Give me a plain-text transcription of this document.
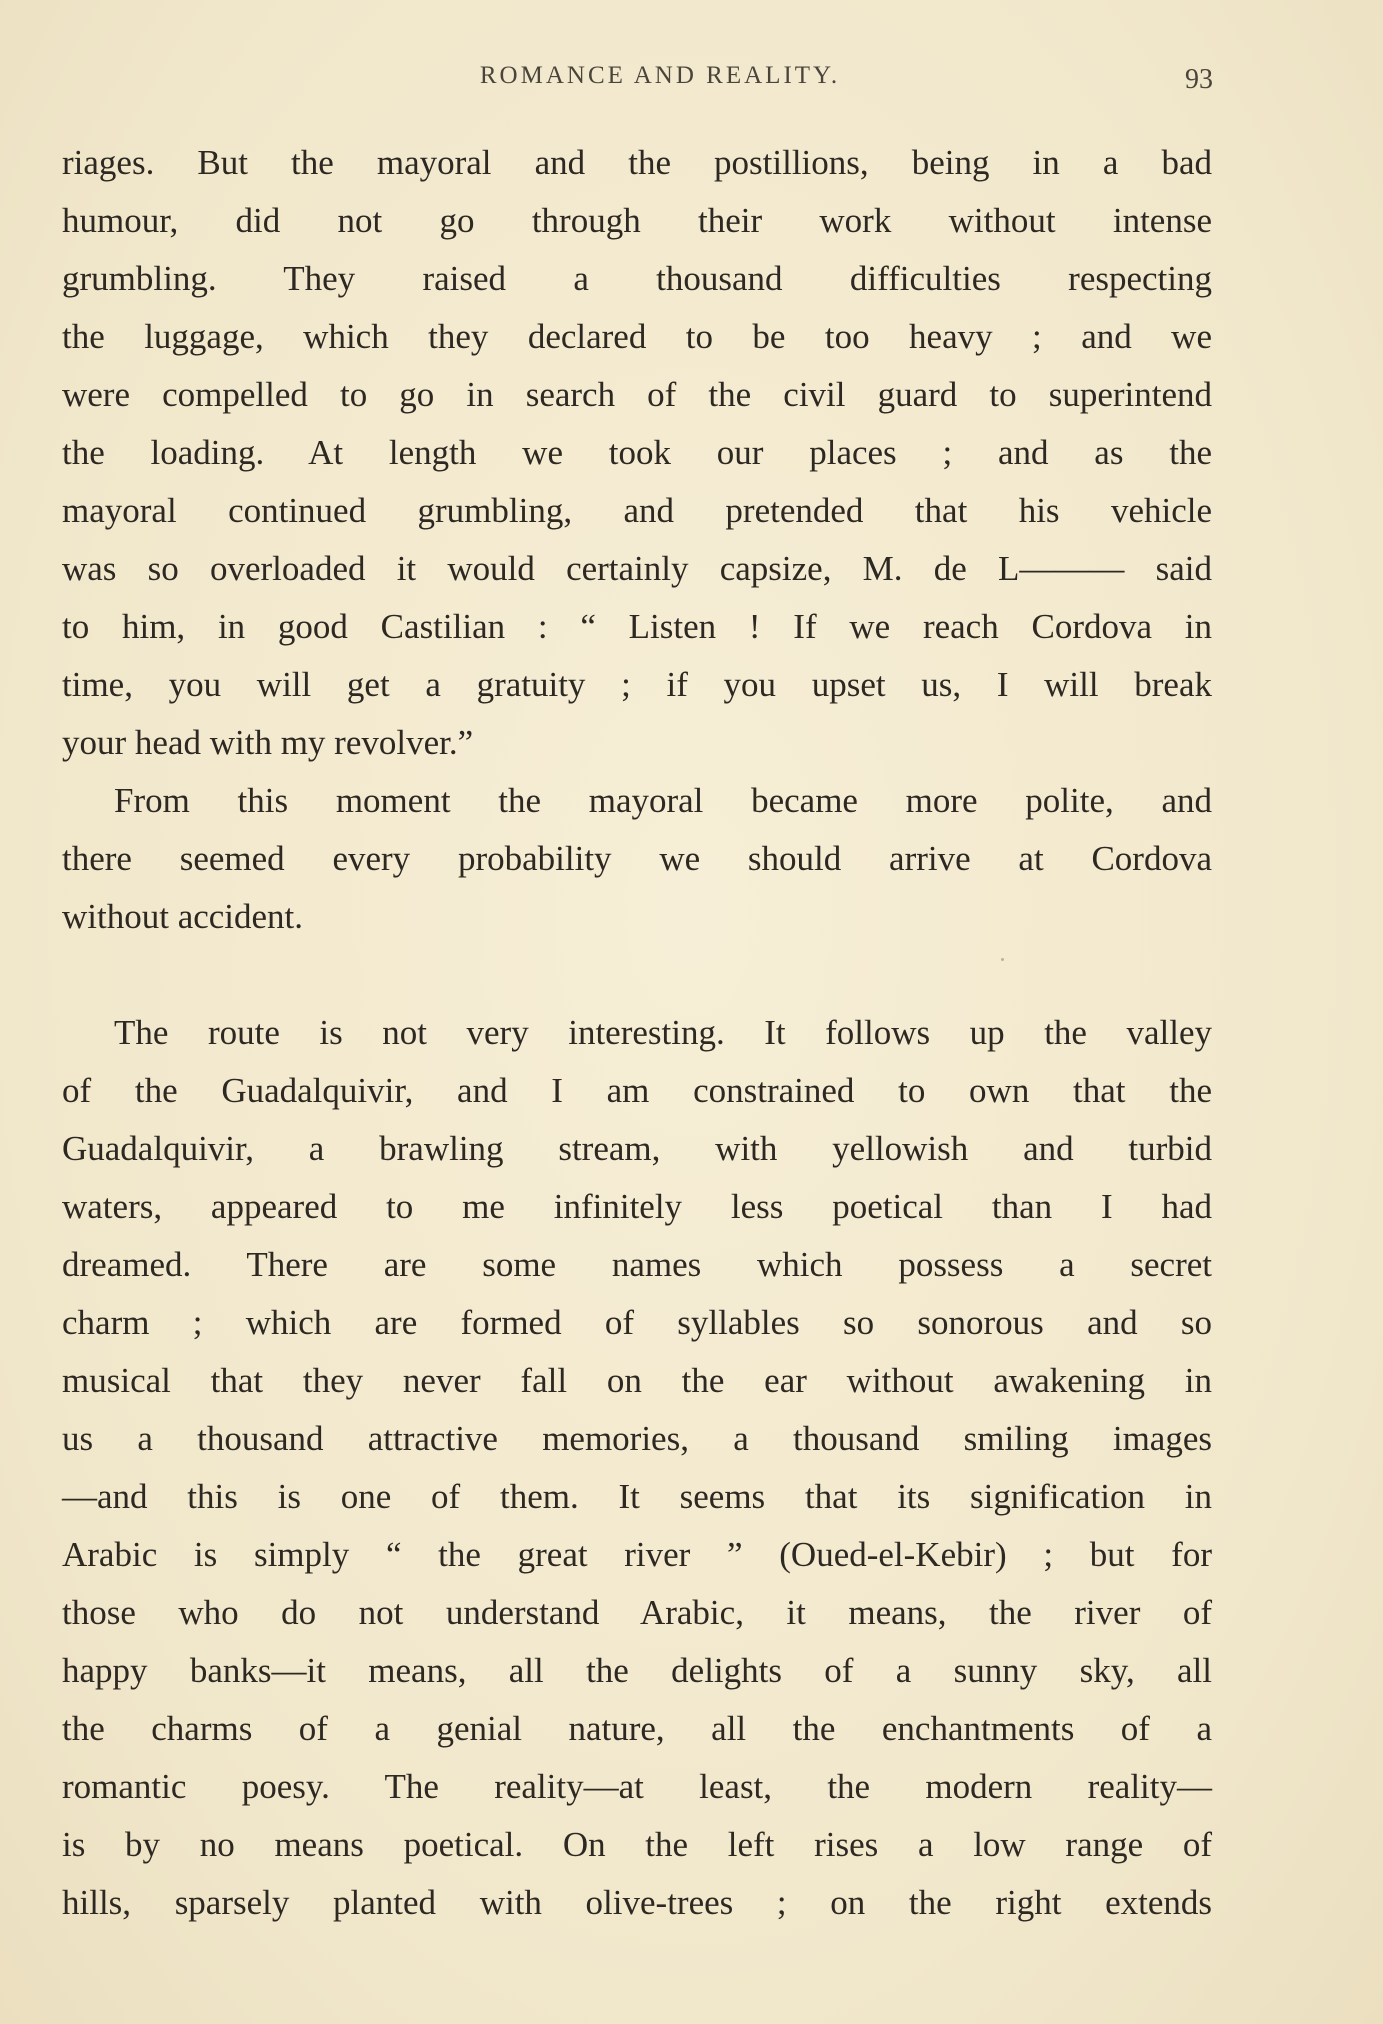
ROMANCE AND REALITY.	93
riages. But the mayoral and the postillions, being in a bad
humour, did not go through their work without intense
grumbling. They raised a thousand difficulties respecting
the luggage, which they declared to be too heavy ; and we
were compelled to go in search of the civil guard to superintend
the loading. At length we took our places ; and as the
mayoral continued grumbling, and pretended that his vehicle
was so overloaded it would certainly capsize, M. de L——— said
to him, in good Castilian : “ Listen ! If we reach Cordova in
time, you will get a gratuity ; if you upset us, I will break
your head with my revolver.”
From this moment the mayoral became more polite, and
there seemed every probability we should arrive at Cordova
without accident.
The route is not very interesting. It follows up the valley
of the Guadalquivir, and I am constrained to own that the
Guadalquivir, a brawling stream, with yellowish and turbid
waters, appeared to me infinitely less poetical than I had
dreamed. There are some names which possess a secret
charm ; which are formed of syllables so sonorous and so
musical that they never fall on the ear without awakening in
us a thousand attractive memories, a thousand smiling images
—and this is one of them. It seems that its signification in
Arabic is simply “ the great river ” (Oued-el-Kebir) ; but for
those who do not understand Arabic, it means, the river of
happy banks—it means, all the delights of a sunny sky, all
the charms of a genial nature, all the enchantments of a
romantic poesy. The reality—at least, the modern reality—
is by no means poetical. On the left rises a low range of
hills, sparsely planted with olive-trees ; on the right extends
